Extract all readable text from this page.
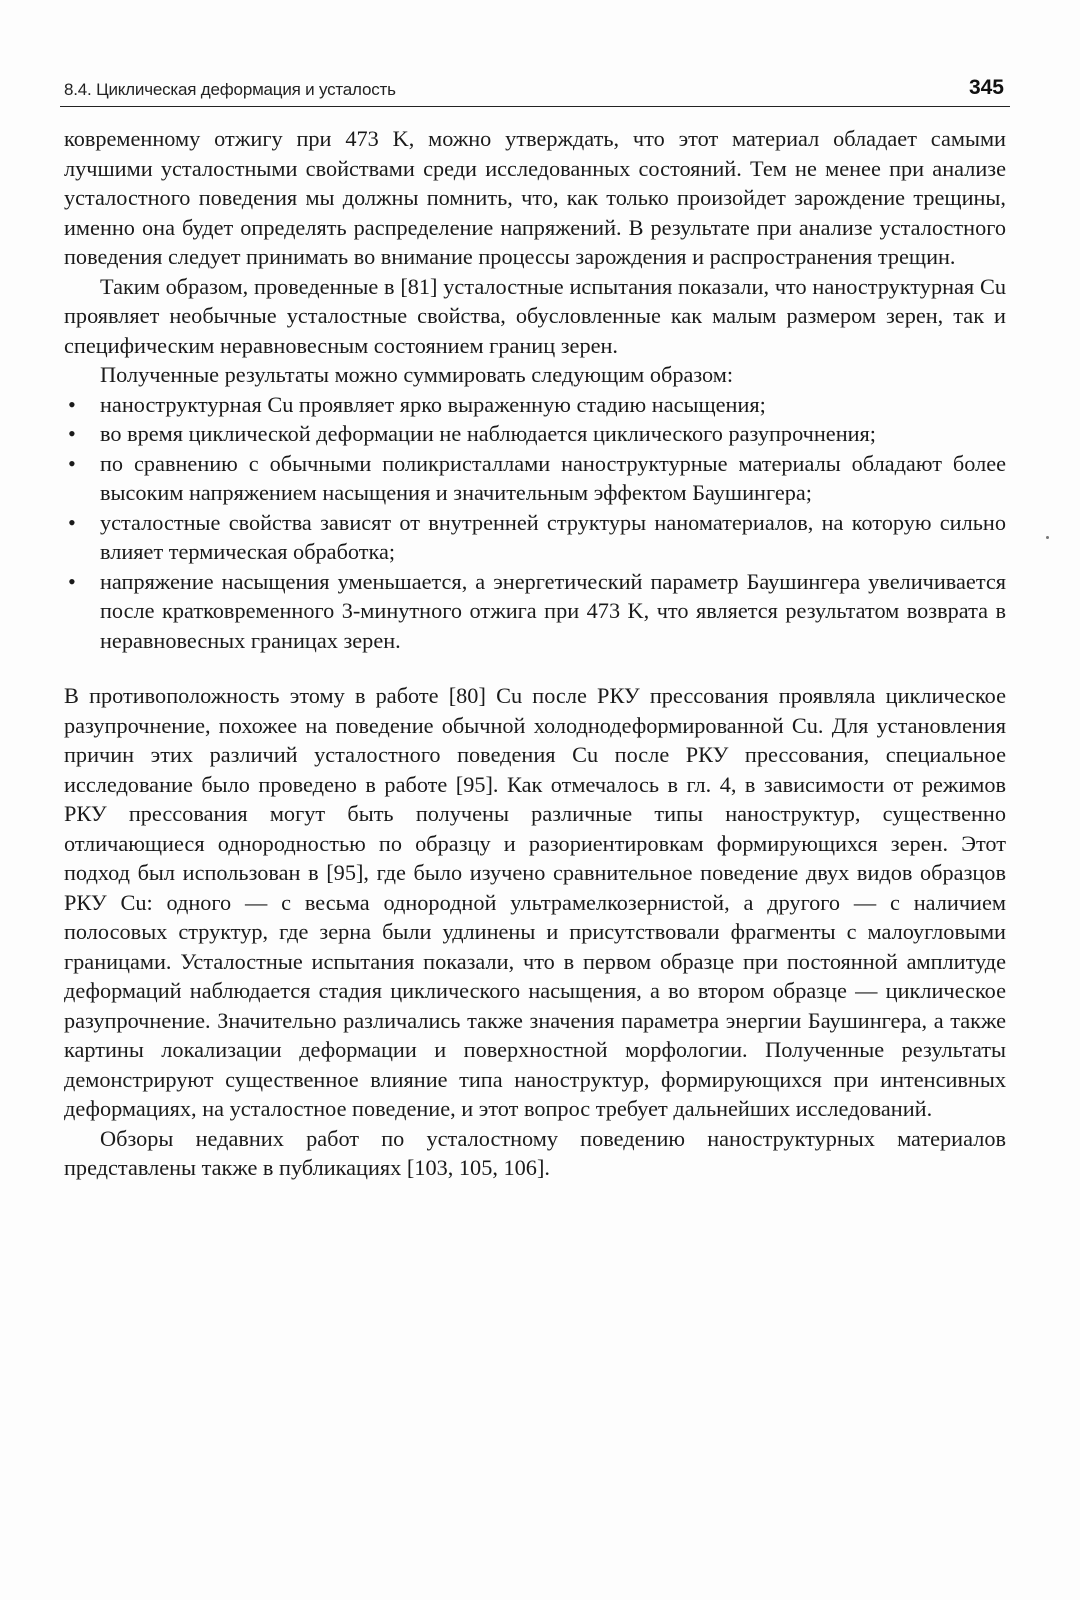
8.4. Циклическая деформация и усталость	345

ковременному отжигу при 473 K, можно утверждать, что этот материал обладает самыми лучшими усталостными свойствами среди исследованных состояний. Тем не менее при анализе усталостного поведения мы должны помнить, что, как только произойдет зарождение трещины, именно она будет определять распределение напряжений. В результате при анализе усталостного поведения следует принимать во внимание процессы зарождения и распространения трещин.

Таким образом, проведенные в [81] усталостные испытания показали, что наноструктурная Cu проявляет необычные усталостные свойства, обусловленные как малым размером зерен, так и специфическим неравновесным состоянием границ зерен.

Полученные результаты можно суммировать следующим образом:

• наноструктурная Cu проявляет ярко выраженную стадию насыщения;
• во время циклической деформации не наблюдается циклического разупрочнения;
• по сравнению с обычными поликристаллами наноструктурные материалы обладают более высоким напряжением насыщения и значительным эффектом Баушингера;
• усталостные свойства зависят от внутренней структуры наноматериалов, на которую сильно влияет термическая обработка;
• напряжение насыщения уменьшается, а энергетический параметр Баушингера увеличивается после кратковременного 3-минутного отжига при 473 K, что является результатом возврата в неравновесных границах зерен.

В противоположность этому в работе [80] Cu после РКУ прессования проявляла циклическое разупрочнение, похожее на поведение обычной холоднодеформированной Cu. Для установления причин этих различий усталостного поведения Cu после РКУ прессования, специальное исследование было проведено в работе [95]. Как отмечалось в гл. 4, в зависимости от режимов РКУ прессования могут быть получены различные типы наноструктур, существенно отличающиеся однородностью по образцу и разориентировкам формирующихся зерен. Этот подход был использован в [95], где было изучено сравнительное поведение двух видов образцов РКУ Cu: одного — с весьма однородной ультрамелкозернистой, а другого — с наличием полосовых структур, где зерна были удлинены и присутствовали фрагменты с малоугловыми границами. Усталостные испытания показали, что в первом образце при постоянной амплитуде деформаций наблюдается стадия циклического насыщения, а во втором образце — циклическое разупрочнение. Значительно различались также значения параметра энергии Баушингера, а также картины локализации деформации и поверхностной морфологии. Полученные результаты демонстрируют существенное влияние типа наноструктур, формирующихся при интенсивных деформациях, на усталостное поведение, и этот вопрос требует дальнейших исследований.

Обзоры недавних работ по усталостному поведению наноструктурных материалов представлены также в публикациях [103, 105, 106].
